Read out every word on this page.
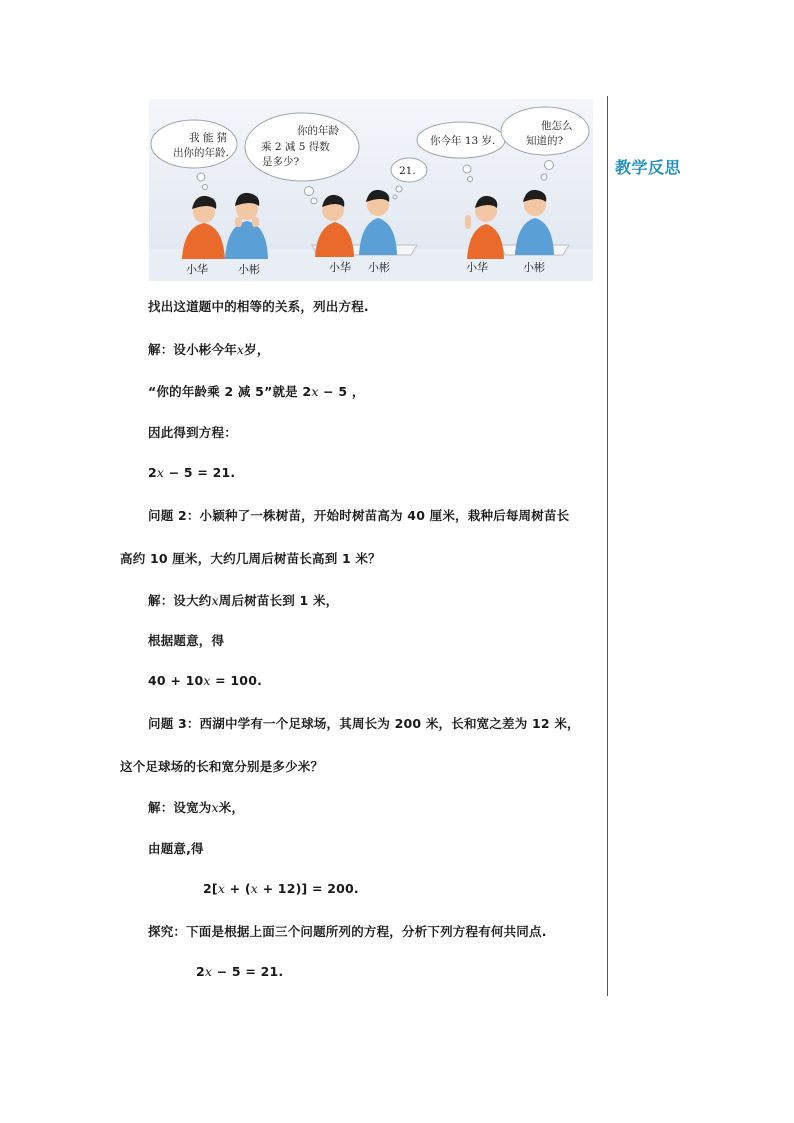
教学反思
我 能 猜
出你的年龄.
你的年龄
乘 2 减 5 得数
是多少?
21.
你今年 13 岁.
他怎么
知道的?
小华	小彬	小华 小彬	小华	小彬
找出这道题中的相等的关系，列出方程.
解：设小彬今年x岁，
“你的年龄乘 2 减 5”就是 2x − 5 ，
因此得到方程：
2x − 5 = 21.
问题 2：小颖种了一株树苗，开始时树苗高为 40 厘米，栽种后每周树苗长
高约 10 厘米，大约几周后树苗长高到 1 米？
解：设大约x周后树苗长到 1 米，
根据题意，得
40 + 10x = 100.
问题 3：西湖中学有一个足球场，其周长为 200 米，长和宽之差为 12 米，
这个足球场的长和宽分别是多少米？
解：设宽为x米，
由题意,得
2[x + (x + 12)] = 200.
探究：下面是根据上面三个问题所列的方程，分析下列方程有何共同点.
2x − 5 = 21.
